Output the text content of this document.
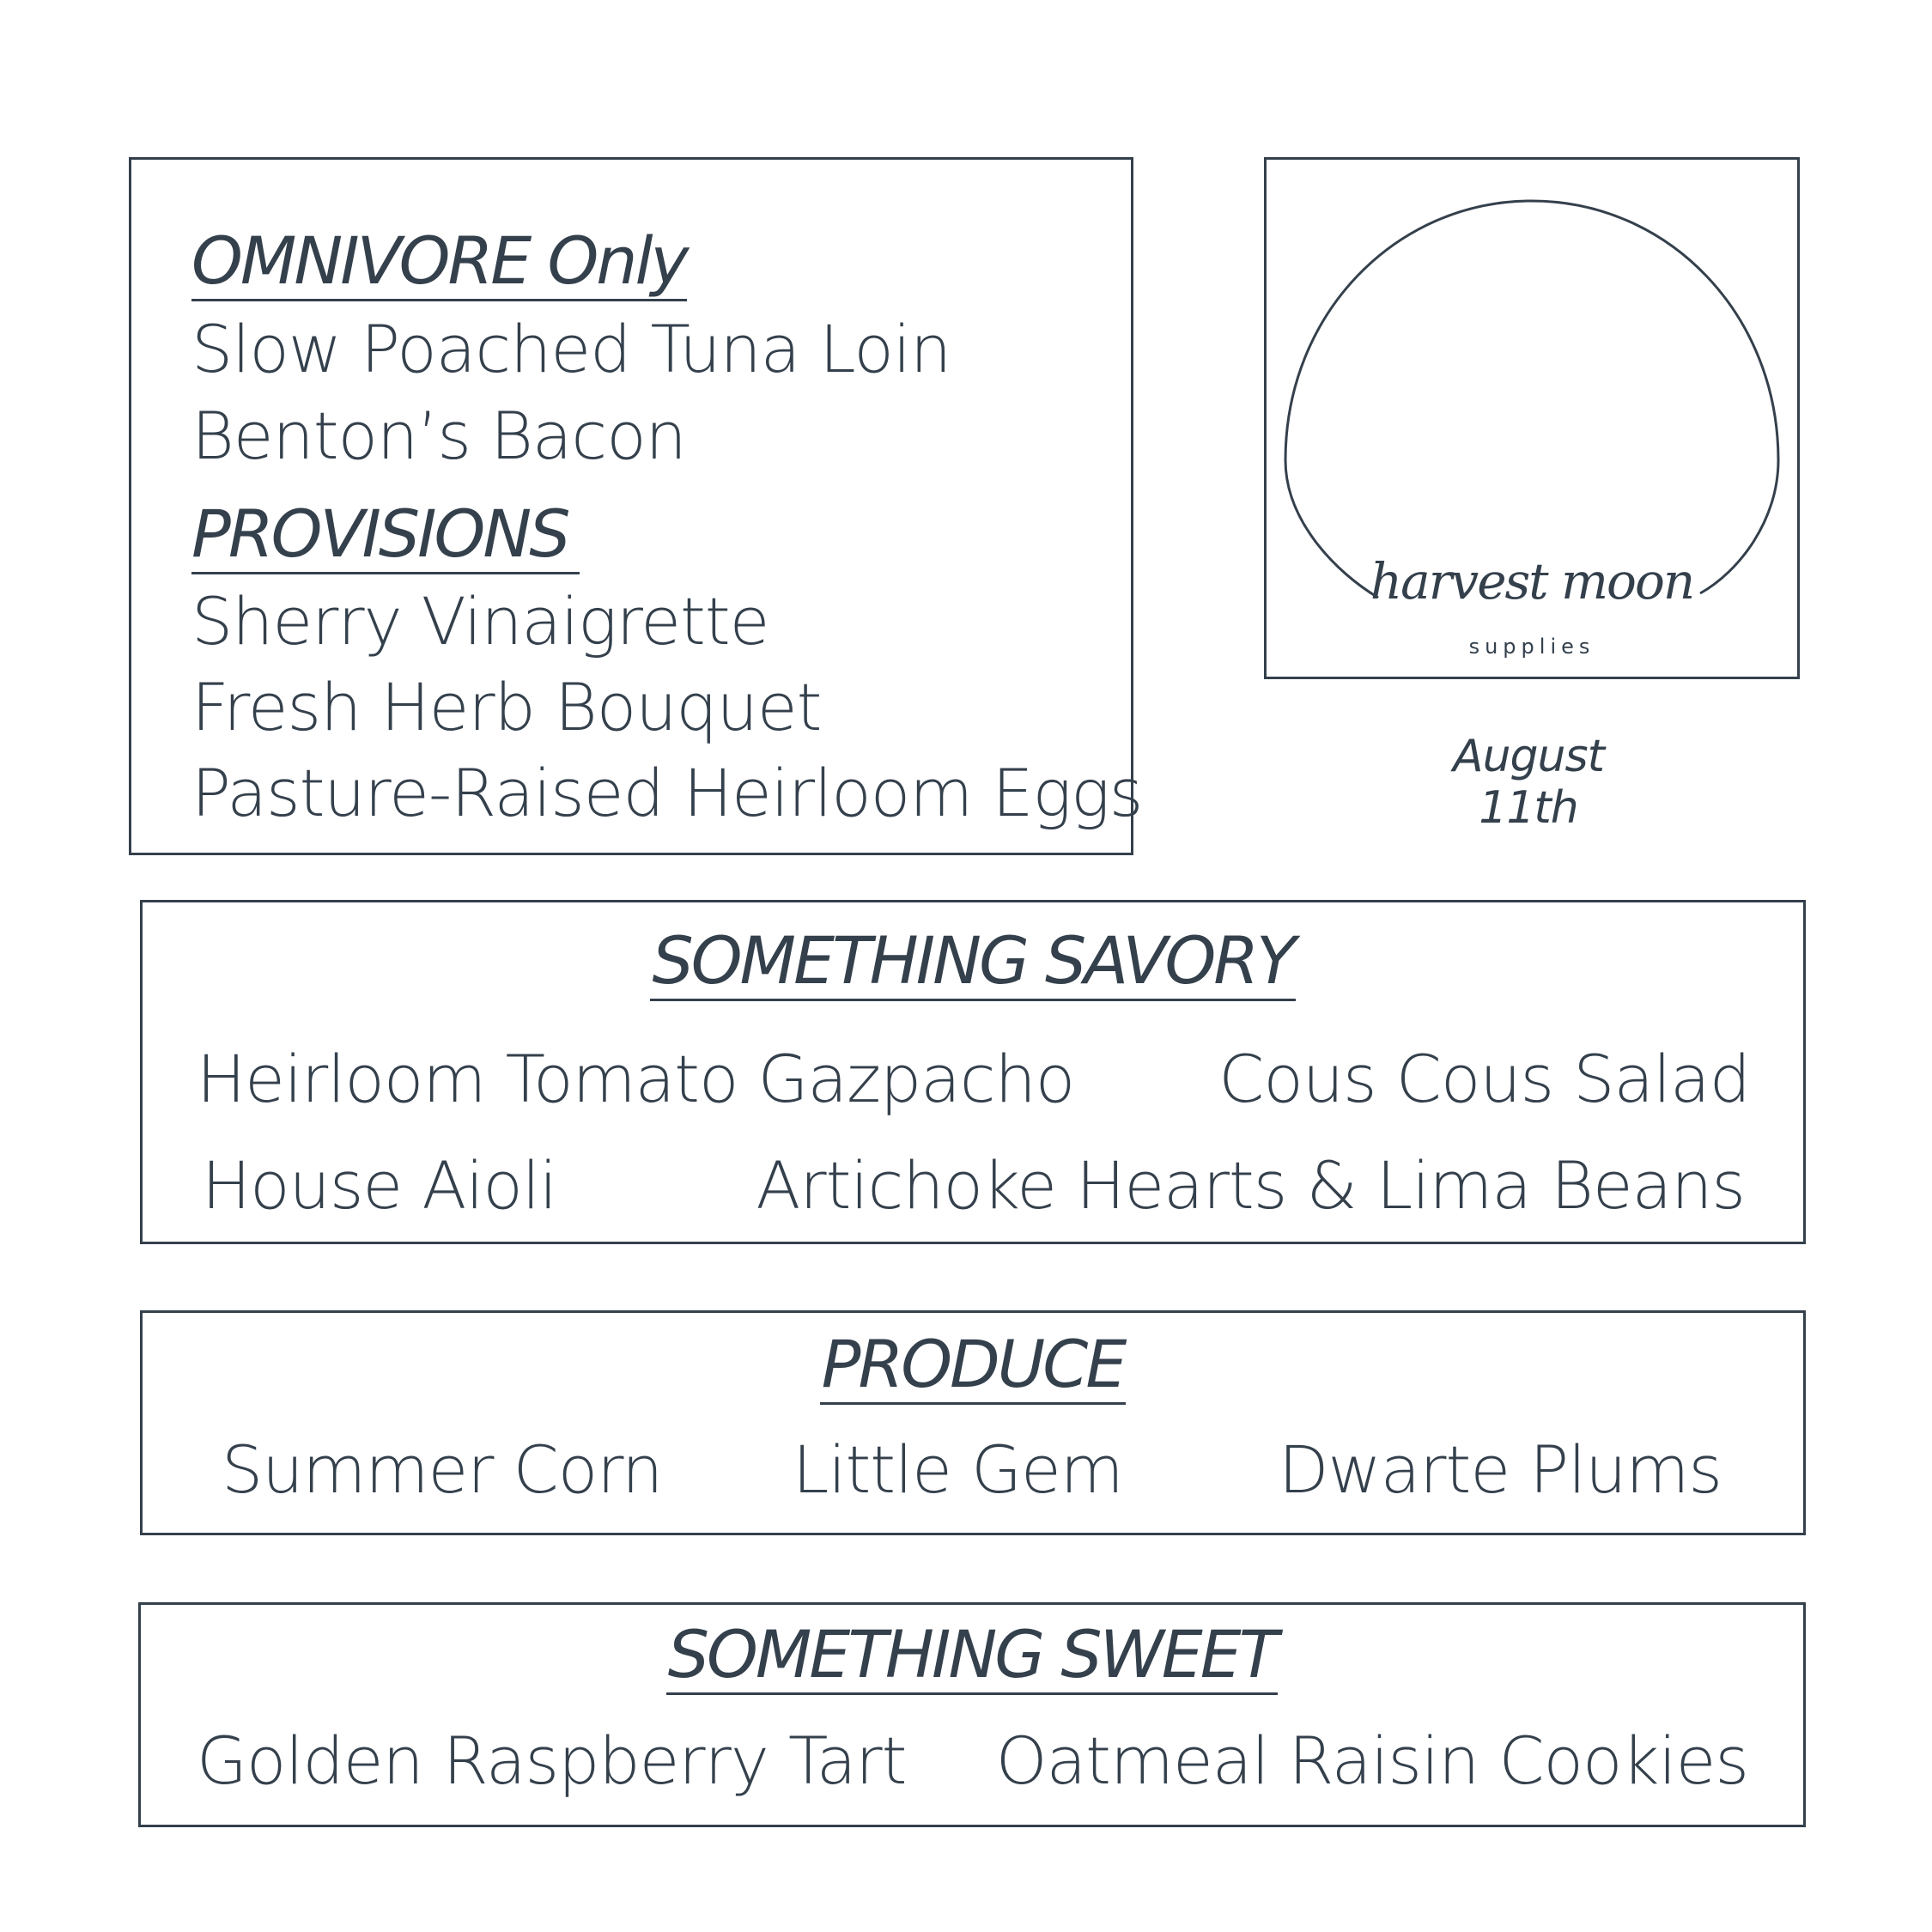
OMNIVORE Only
Slow Poached Tuna Loin
Benton’s Bacon
PROVISIONS
Sherry Vinaigrette
Fresh Herb Bouquet
Pasture-Raised Heirloom Eggs
harvest moon
supplies
August
11th
SOMETHING SAVORY
Heirloom Tomato Gazpacho Cous Cous Salad
House Aioli	Artichoke Hearts & Lima Beans
PRODUCE
Summer Corn Little Gem Dwarte Plums
SOMETHING SWEET
Golden Raspberry Tart Oatmeal Raisin Cookies
